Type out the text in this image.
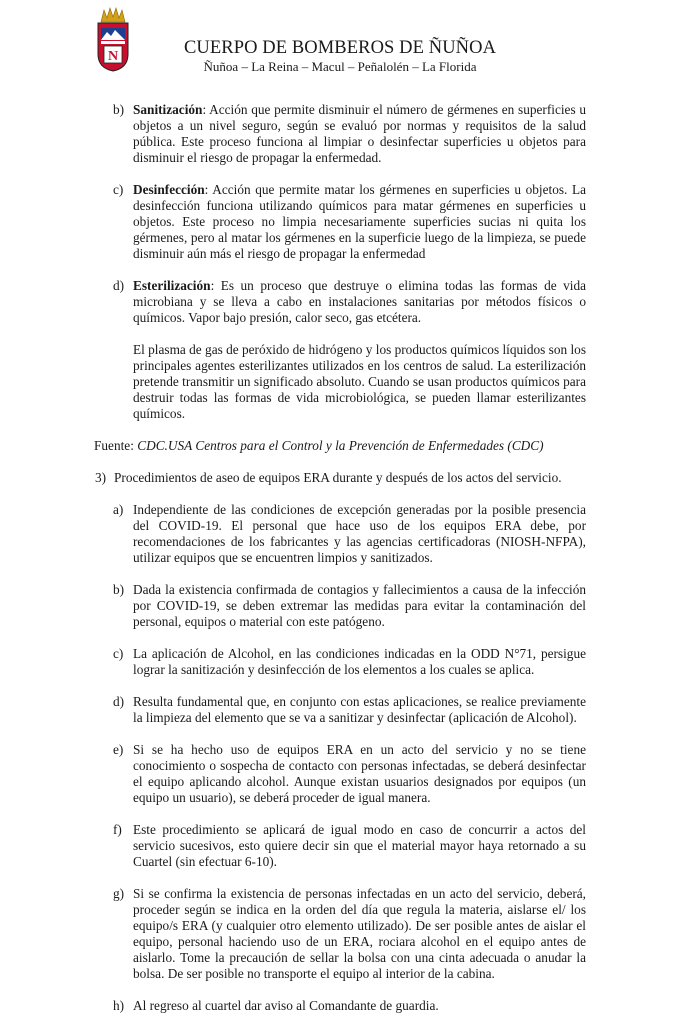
N	CUERPO DE BOMBEROS DE ÑUÑOA
Ñuñoa – La Reina – Macul – Peñalolén – La Florida
b) Sanitización: Acción que permite disminuir el número de gérmenes en superficies u objetos a un nivel seguro, según se evaluó por normas y requisitos de la salud pública. Este proceso funciona al limpiar o desinfectar superficies u objetos para disminuir el riesgo de propagar la enfermedad.
c) Desinfección: Acción que permite matar los gérmenes en superficies u objetos. La desinfección funciona utilizando químicos para matar gérmenes en superficies u objetos. Este proceso no limpia necesariamente superficies sucias ni quita los gérmenes, pero al matar los gérmenes en la superficie luego de la limpieza, se puede disminuir aún más el riesgo de propagar la enfermedad
d) Esterilización: Es un proceso que destruye o elimina todas las formas de vida microbiana y se lleva a cabo en instalaciones sanitarias por métodos físicos o químicos. Vapor bajo presión, calor seco, gas etcétera.
El plasma de gas de peróxido de hidrógeno y los productos químicos líquidos son los principales agentes esterilizantes utilizados en los centros de salud. La esterilización pretende transmitir un significado absoluto. Cuando se usan productos químicos para destruir todas las formas de vida microbiológica, se pueden llamar esterilizantes químicos.
Fuente: CDC.USA Centros para el Control y la Prevención de Enfermedades (CDC)
3) Procedimientos de aseo de equipos ERA durante y después de los actos del servicio.
a) Independiente de las condiciones de excepción generadas por la posible presencia del COVID-19. El personal que hace uso de los equipos ERA debe, por recomendaciones de los fabricantes y las agencias certificadoras (NIOSH-NFPA), utilizar equipos que se encuentren limpios y sanitizados.
b) Dada la existencia confirmada de contagios y fallecimientos a causa de la infección por COVID-19, se deben extremar las medidas para evitar la contaminación del personal, equipos o material con este patógeno.
c) La aplicación de Alcohol, en las condiciones indicadas en la ODD N°71, persigue lograr la sanitización y desinfección de los elementos a los cuales se aplica.
d) Resulta fundamental que, en conjunto con estas aplicaciones, se realice previamente la limpieza del elemento que se va a sanitizar y desinfectar (aplicación de Alcohol).
e) Si se ha hecho uso de equipos ERA en un acto del servicio y no se tiene conocimiento o sospecha de contacto con personas infectadas, se deberá desinfectar el equipo aplicando alcohol. Aunque existan usuarios designados por equipos (un equipo un usuario), se deberá proceder de igual manera.
f) Este procedimiento se aplicará de igual modo en caso de concurrir a actos del servicio sucesivos, esto quiere decir sin que el material mayor haya retornado a su Cuartel (sin efectuar 6-10).
g) Si se confirma la existencia de personas infectadas en un acto del servicio, deberá, proceder según se indica en la orden del día que regula la materia, aislarse el/ los equipo/s ERA (y cualquier otro elemento utilizado). De ser posible antes de aislar el equipo, personal haciendo uso de un ERA, rociara alcohol en el equipo antes de aislarlo. Tome la precaución de sellar la bolsa con una cinta adecuada o anudar la bolsa. De ser posible no transporte el equipo al interior de la cabina.
h) Al regreso al cuartel dar aviso al Comandante de guardia.
